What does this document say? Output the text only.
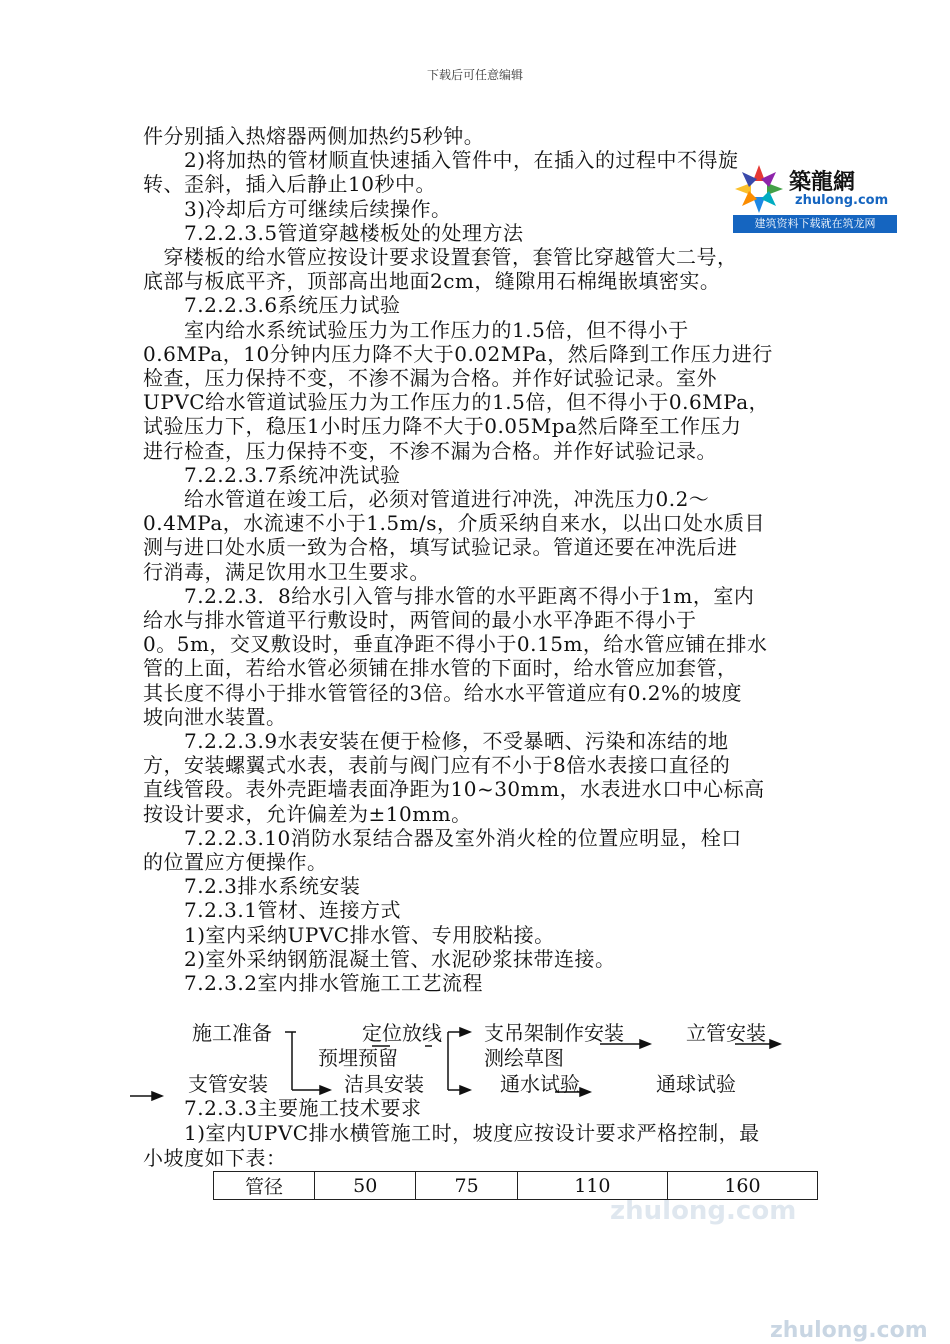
下载后可任意编辑
zhulong.com
zhulong.com
件分别插入热熔器两侧加热约5秒钟。
　　2)将加热的管材顺直快速插入管件中，在插入的过程中不得旋
转、歪斜，插入后静止10秒中。
　　3)冷却后方可继续后续操作。
　　7.2.2.3.5管道穿越楼板处的处理方法
　穿楼板的给水管应按设计要求设置套管，套管比穿越管大二号，
底部与板底平齐，顶部高出地面2cm，缝隙用石棉绳嵌填密实。
　　7.2.2.3.6系统压力试验
　　室内给水系统试验压力为工作压力的1.5倍，但不得小于
0.6MPa，10分钟内压力降不大于0.02MPa，然后降到工作压力进行
检查，压力保持不变，不渗不漏为合格。并作好试验记录。室外
UPVC给水管道试验压力为工作压力的1.5倍，但不得小于0.6MPa，
试验压力下，稳压1小时压力降不大于0.05Mpa然后降至工作压力
进行检查，压力保持不变，不渗不漏为合格。并作好试验记录。
　　7.2.2.3.7系统冲洗试验
　　给水管道在竣工后，必须对管道进行冲洗，冲洗压力0.2～
0.4MPa，水流速不小于1.5m/s，介质采纳自来水，以出口处水质目
测与进口处水质一致为合格，填写试验记录。管道还要在冲洗后进
行消毒，满足饮用水卫生要求。
　　7.2.2.3．8给水引入管与排水管的水平距离不得小于1m，室内
给水与排水管道平行敷设时，两管间的最小水平净距不得小于
0。5m，交叉敷设时，垂直净距不得小于0.15m，给水管应铺在排水
管的上面，若给水管必须铺在排水管的下面时，给水管应加套管，
其长度不得小于排水管管径的3倍。给水水平管道应有0.2%的坡度
坡向泄水装置。
　　7.2.2.3.9水表安装在便于检修，不受暴晒、污染和冻结的地
方，安装螺翼式水表，表前与阀门应有不小于8倍水表接口直径的
直线管段。表外壳距墙表面净距为10~30mm，水表进水口中心标高
按设计要求，允许偏差为±10mm。
　　7.2.2.3.10消防水泵结合器及室外消火栓的位置应明显，栓口
的位置应方便操作。
　　7.2.3排水系统安装
　　7.2.3.1管材、连接方式
　　1)室内采纳UPVC排水管、专用胶粘接。
　　2)室外采纳钢筋混凝土管、水泥砂浆抹带连接。
　　7.2.3.2室内排水管施工工艺流程
築龍網
zhulong.com
建筑资料下载就在筑龙网
施工准备	定位放线 支吊架制作安装	立管安装
预埋预留	测绘草图
支管安装	洁具安装	通水试验	通球试验
　　7.2.3.3主要施工技术要求
　　1)室内UPVC排水横管施工时，坡度应按设计要求严格控制，最
小坡度如下表：
管径	50	75	110	160
